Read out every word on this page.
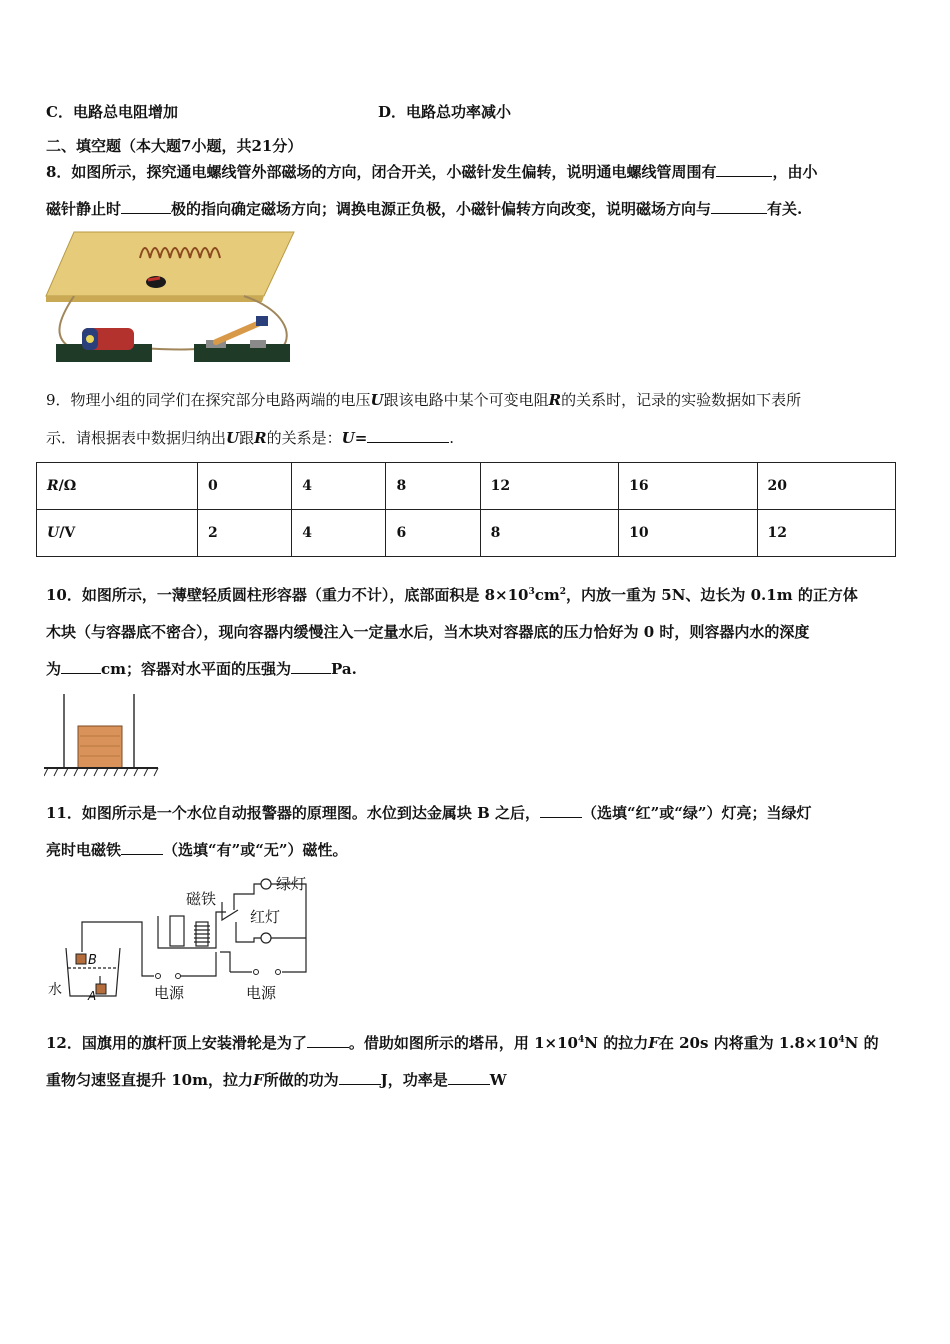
C．电路总电阻增加	D．电路总功率减小
二、填空题（本大题7小题，共21分）
8．如图所示，探究通电螺线管外部磁场的方向，闭合开关，小磁针发生偏转，说明通电螺线管周围有	，由小
磁针静止时	极的指向确定磁场方向；调换电源正负极，小磁针偏转方向改变，说明磁场方向与	有关.
9．物理小组的同学们在探究部分电路两端的电压U跟该电路中某个可变电阻R的关系时，记录的实验数据如下表所
示．请根据表中数据归纳出U跟R的关系是：U=	.
R/Ω	0	4	8	12	16	20
U/V	2	4	6	8	10	12
10．如图所示，一薄壁轻质圆柱形容器（重力不计），底部面积是 $8\times 10^3cm^2$，内放一重为 5N、边长为 0.1m 的正方体
木块（与容器底不密合），现向容器内缓慢注入一定量水后，当木块对容器底的压力恰好为 0 时，则容器内水的深度
为	cm；容器对水平面的压强为	Pa.
11．如图所示是一个水位自动报警器的原理图。水位到达金属块 B 之后，	（选填“红”或“绿”）灯亮；当绿灯
亮时电磁铁	（选填“有”或“无”）磁性。
磁铁
绿灯
红灯
B
水 A	电源	电源
12．国旗用的旗杆顶上安装滑轮是为了	。借助如图所示的塔吊，用 $1\times 10^4N$ 的拉力F在 20s 内将重为 $1.8\times 10^4N$ 的
重物匀速竖直提升 10m，拉力F所做的功为	J，功率是	W
